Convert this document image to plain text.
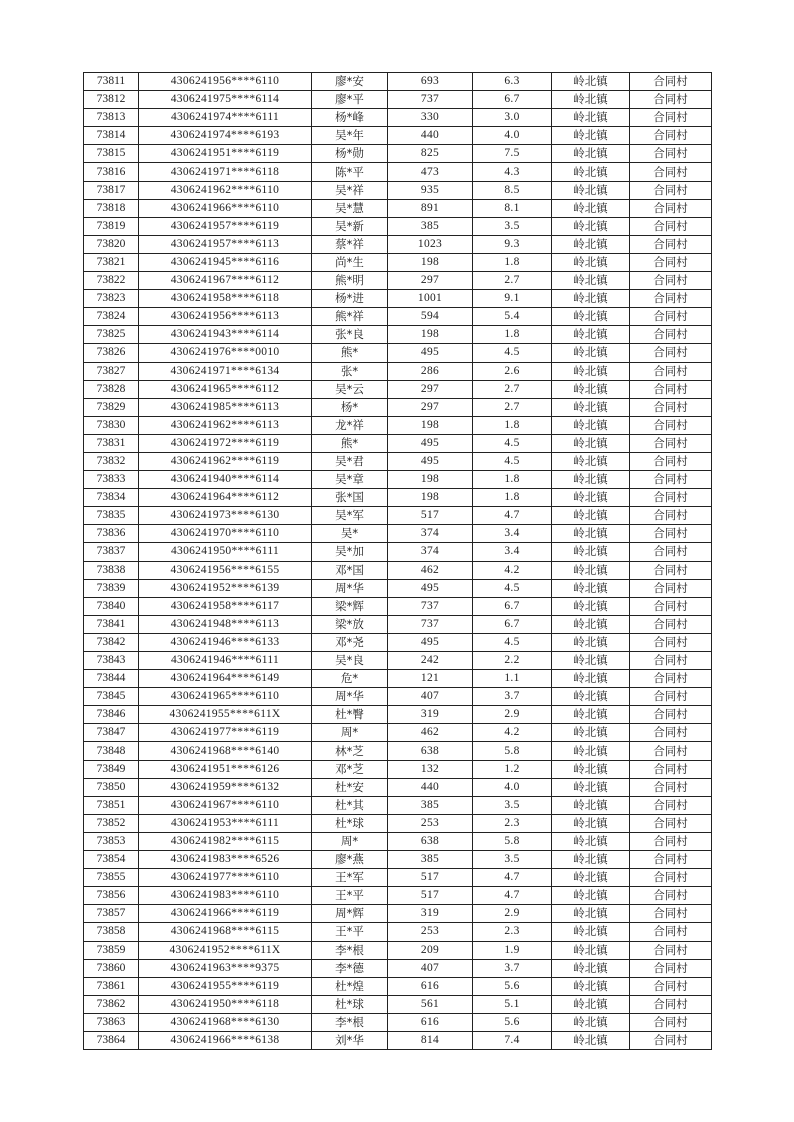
73811	4306241956****6110	廖*安	693	6.3	岭北镇	合同村
73812	4306241975****6114	廖*平	737	6.7	岭北镇	合同村
73813	4306241974****6111	杨*峰	330	3.0	岭北镇	合同村
73814	4306241974****6193	吴*年	440	4.0	岭北镇	合同村
73815	4306241951****6119	杨*勋	825	7.5	岭北镇	合同村
73816	4306241971****6118	陈*平	473	4.3	岭北镇	合同村
73817	4306241962****6110	吴*祥	935	8.5	岭北镇	合同村
73818	4306241966****6110	吴*慧	891	8.1	岭北镇	合同村
73819	4306241957****6119	吴*新	385	3.5	岭北镇	合同村
73820	4306241957****6113	蔡*祥	1023	9.3	岭北镇	合同村
73821	4306241945****6116	尚*生	198	1.8	岭北镇	合同村
73822	4306241967****6112	熊*明	297	2.7	岭北镇	合同村
73823	4306241958****6118	杨*进	1001	9.1	岭北镇	合同村
73824	4306241956****6113	熊*祥	594	5.4	岭北镇	合同村
73825	4306241943****6114	张*良	198	1.8	岭北镇	合同村
73826	4306241976****0010	熊*	495	4.5	岭北镇	合同村
73827	4306241971****6134	张*	286	2.6	岭北镇	合同村
73828	4306241965****6112	吴*云	297	2.7	岭北镇	合同村
73829	4306241985****6113	杨*	297	2.7	岭北镇	合同村
73830	4306241962****6113	龙*祥	198	1.8	岭北镇	合同村
73831	4306241972****6119	熊*	495	4.5	岭北镇	合同村
73832	4306241962****6119	吴*君	495	4.5	岭北镇	合同村
73833	4306241940****6114	吴*章	198	1.8	岭北镇	合同村
73834	4306241964****6112	张*国	198	1.8	岭北镇	合同村
73835	4306241973****6130	吴*军	517	4.7	岭北镇	合同村
73836	4306241970****6110	吴*	374	3.4	岭北镇	合同村
73837	4306241950****6111	吴*加	374	3.4	岭北镇	合同村
73838	4306241956****6155	邓*国	462	4.2	岭北镇	合同村
73839	4306241952****6139	周*华	495	4.5	岭北镇	合同村
73840	4306241958****6117	梁*辉	737	6.7	岭北镇	合同村
73841	4306241948****6113	梁*放	737	6.7	岭北镇	合同村
73842	4306241946****6133	邓*尧	495	4.5	岭北镇	合同村
73843	4306241946****6111	吴*良	242	2.2	岭北镇	合同村
73844	4306241964****6149	危*	121	1.1	岭北镇	合同村
73845	4306241965****6110	周*华	407	3.7	岭北镇	合同村
73846	4306241955****611X	杜*臀	319	2.9	岭北镇	合同村
73847	4306241977****6119	周*	462	4.2	岭北镇	合同村
73848	4306241968****6140	林*芝	638	5.8	岭北镇	合同村
73849	4306241951****6126	邓*芝	132	1.2	岭北镇	合同村
73850	4306241959****6132	杜*安	440	4.0	岭北镇	合同村
73851	4306241967****6110	杜*其	385	3.5	岭北镇	合同村
73852	4306241953****6111	杜*球	253	2.3	岭北镇	合同村
73853	4306241982****6115	周*	638	5.8	岭北镇	合同村
73854	4306241983****6526	廖*燕	385	3.5	岭北镇	合同村
73855	4306241977****6110	王*军	517	4.7	岭北镇	合同村
73856	4306241983****6110	王*平	517	4.7	岭北镇	合同村
73857	4306241966****6119	周*辉	319	2.9	岭北镇	合同村
73858	4306241968****6115	王*平	253	2.3	岭北镇	合同村
73859	4306241952****611X	李*根	209	1.9	岭北镇	合同村
73860	4306241963****9375	李*德	407	3.7	岭北镇	合同村
73861	4306241955****6119	杜*煌	616	5.6	岭北镇	合同村
73862	4306241950****6118	杜*球	561	5.1	岭北镇	合同村
73863	4306241968****6130	李*根	616	5.6	岭北镇	合同村
73864	4306241966****6138	刘*华	814	7.4	岭北镇	合同村
